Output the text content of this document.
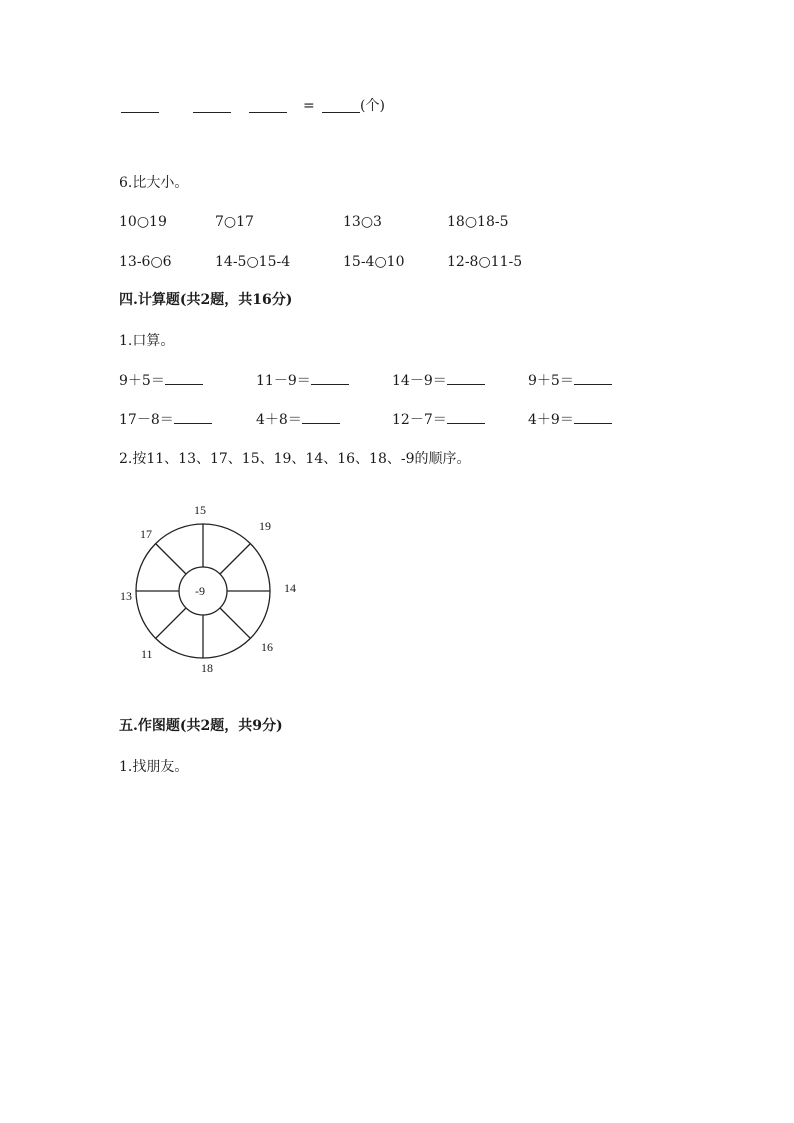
=	(个)
6.比大小。
10○19	7○17	13○3	18○18-5
13-6○6	14-5○15-4	15-4○10	12-8○11-5
四.计算题(共2题，共16分)
1.口算。
9＋5＝	11－9＝	14－9＝	9＋5＝
17－8＝	4＋8＝	12－7＝	4＋9＝
2.按11、13、17、15、19、14、16、18、-9的顺序。
-9
15
19
14
16
18
11
13
17
五.作图题(共2题，共9分)
1.找朋友。
